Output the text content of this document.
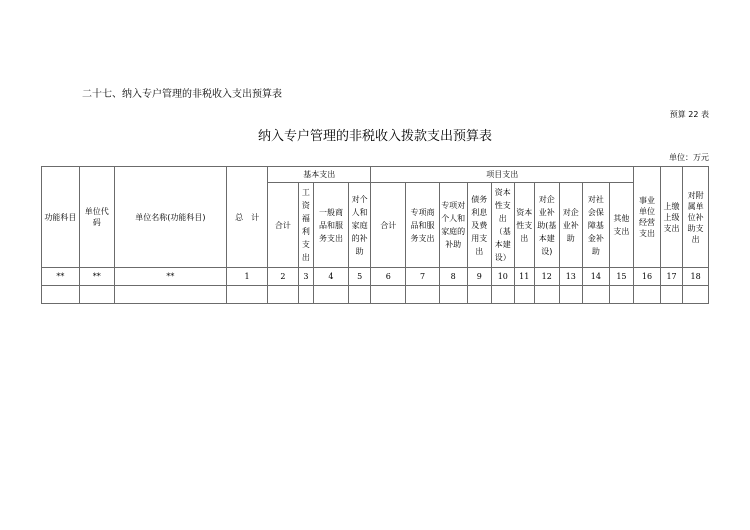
二十七、纳入专户管理的非税收入支出预算表
预算 22 表
纳入专户管理的非税收入拨款支出预算表
单位：万元
功能科目	单位代码	单位名称(功能科目)	总　计	基本支出				项目支出										事业单位经营支出	上缴上级支出	对附属单位补助支出
				合计	工资福利支出	一般商品和服务支出	对个人和家庭的补助	合计	专项商品和服务支出	专项对个人和家庭的补助	债务利息及费用支出	资本性支出（基本建设）	资本性支出	对企业补助(基本建设)	对企业补助	对社会保障基金补助	其他支出			
**	**	**	1	2	3	4	5	6	7	8	9	10	11	12	13	14	15	16	17	18
